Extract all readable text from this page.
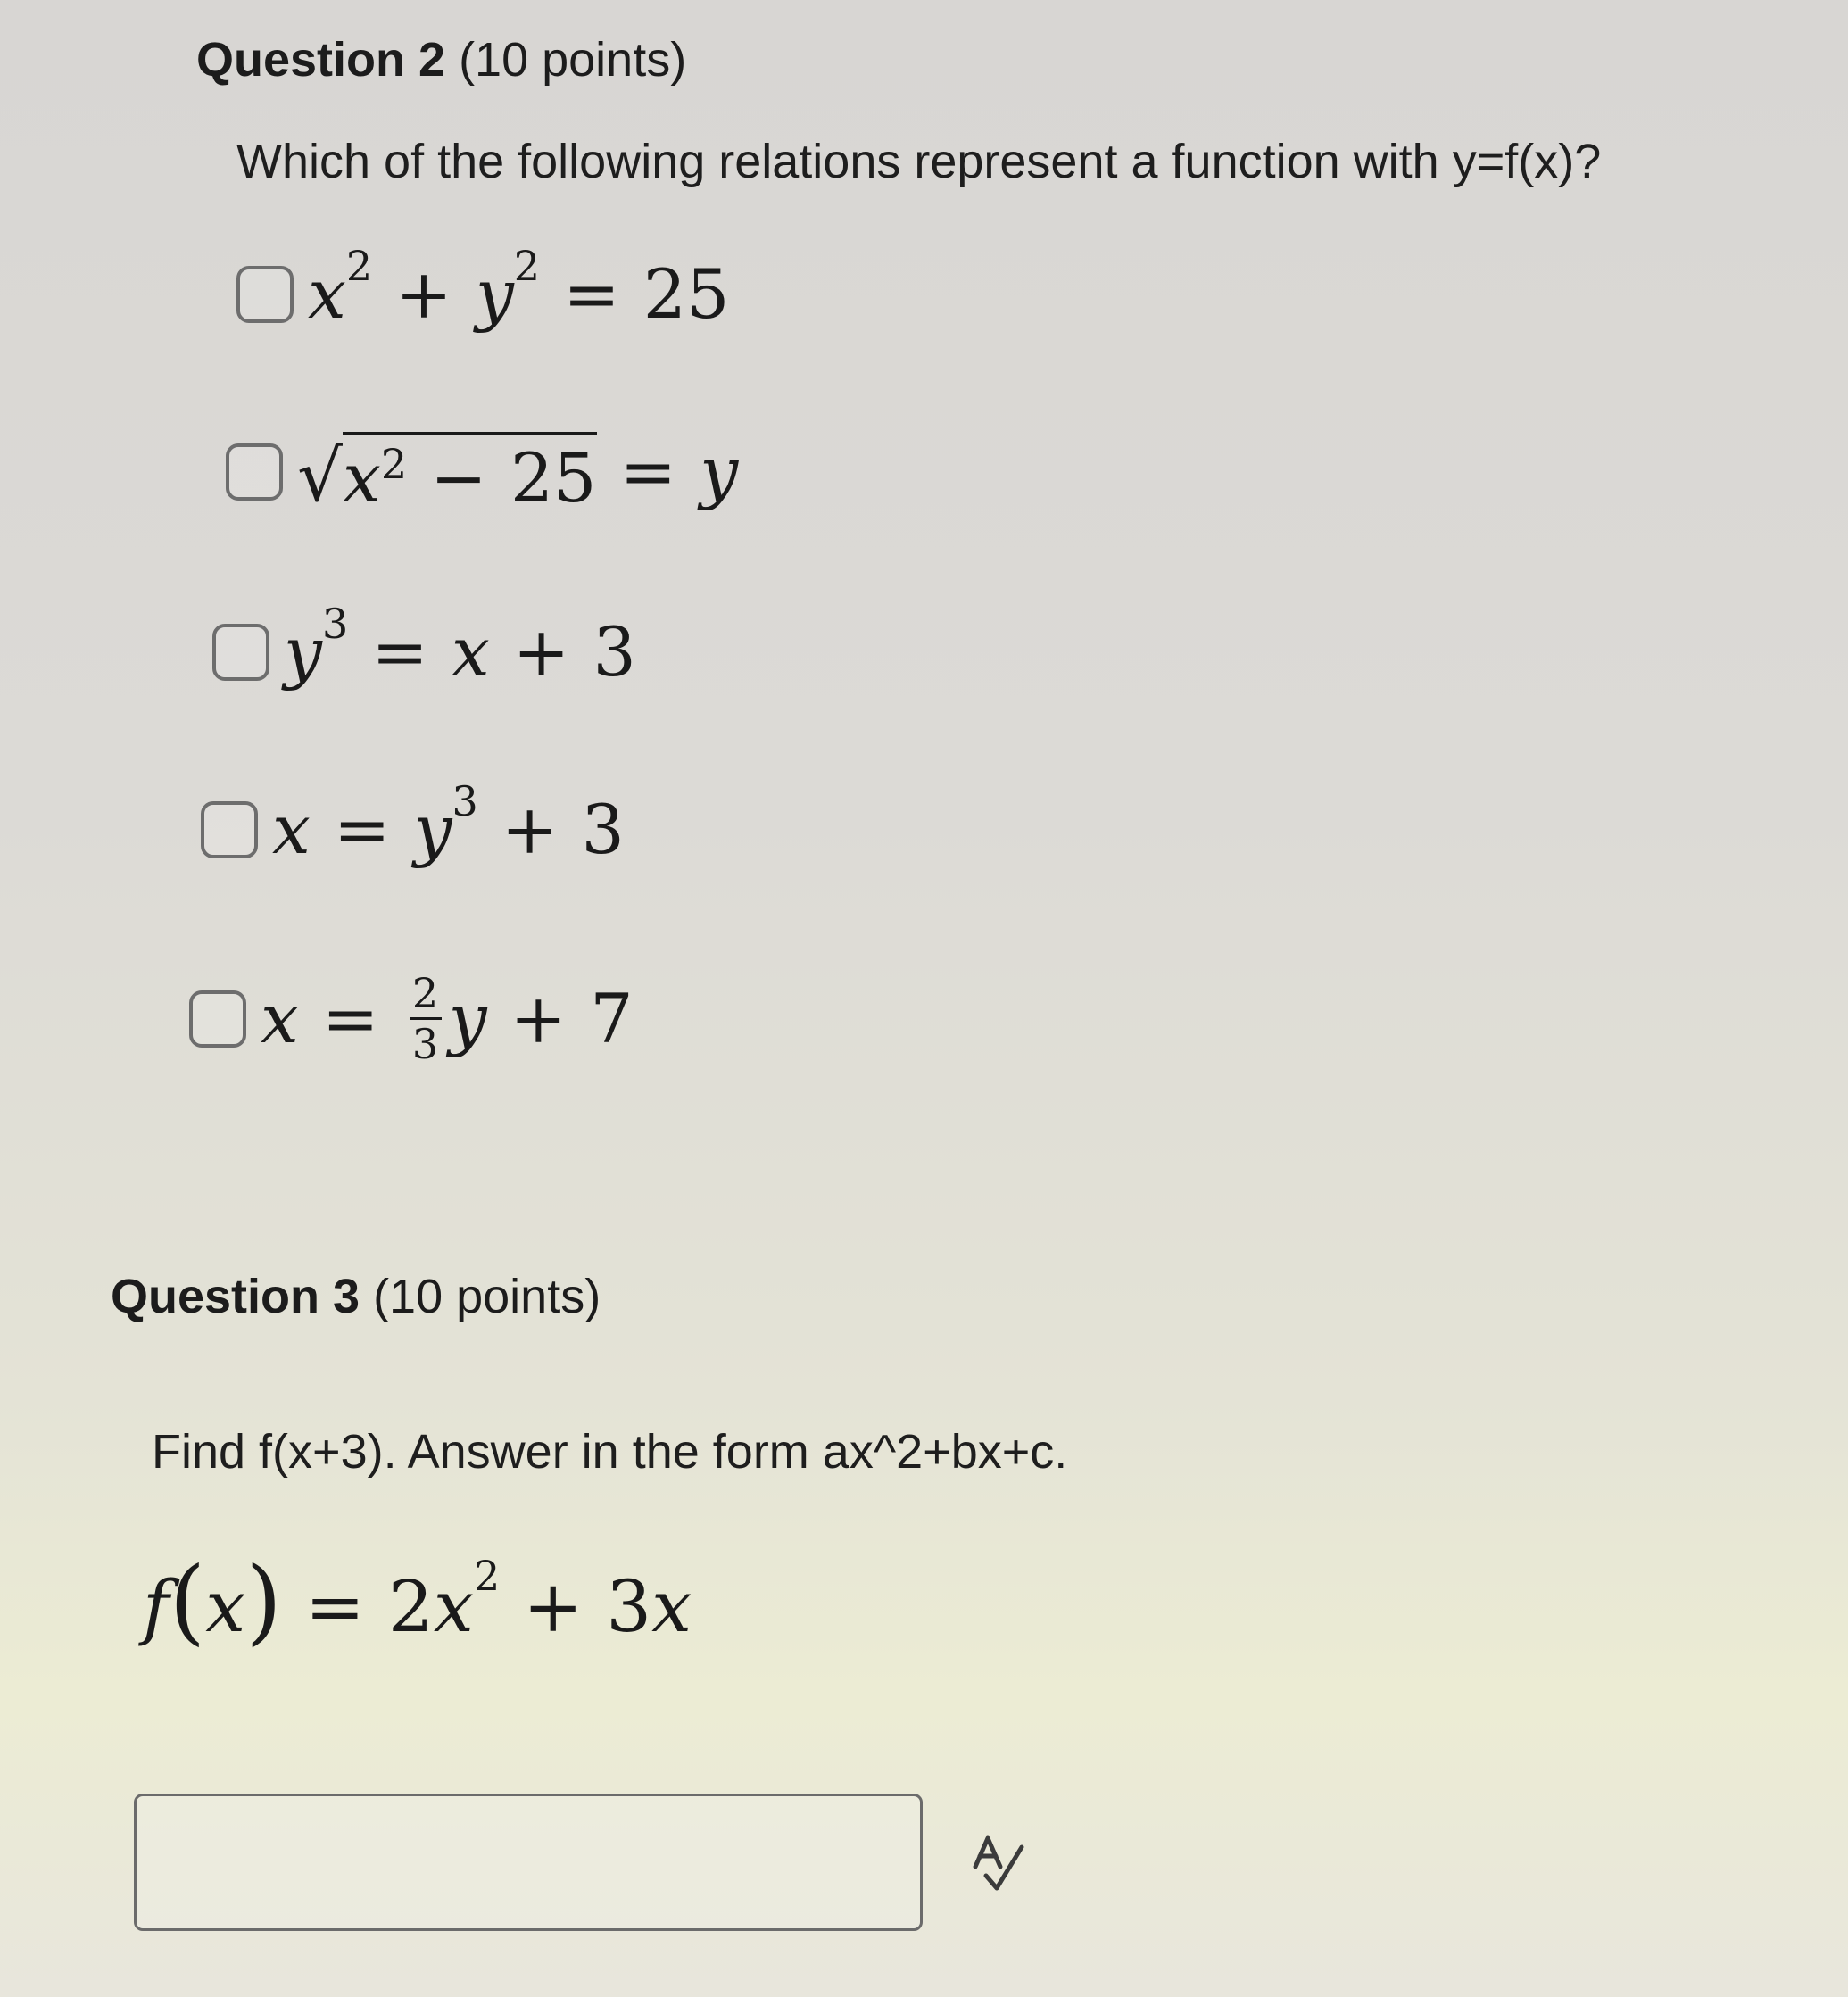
Question 2 (10 points)
Which of the following relations represent a function with y=f(x)?
$x^2 + y^2 = 25$
√ $x^2 - 25 = y$
$y^3 = x + 3$
$x = y^3 + 3$
$x = \frac{2}{3}$ y + 7
Question 3 (10 points)
Find f(x+3). Answer in the form ax^2+bx+c.
f ( x ) = 2 $x^2 + 3$ x
